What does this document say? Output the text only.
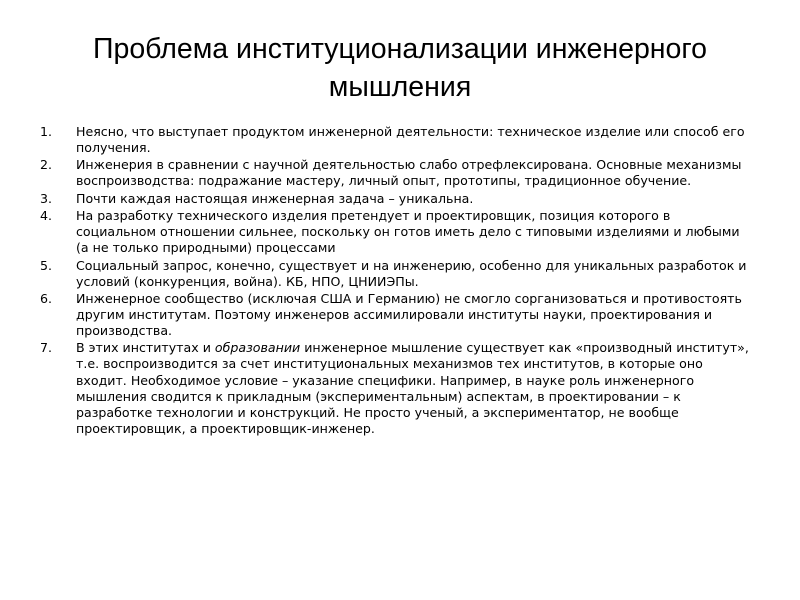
Проблема институционализации инженерного мышления
1.	Неясно, что выступает продуктом инженерной деятельности: техническое изделие или способ его получения.
2.	Инженерия в сравнении с научной деятельностью слабо отрефлексирована. Основные механизмы воспроизводства: подражание мастеру, личный опыт, прототипы, традиционное обучение.
3.	Почти каждая настоящая инженерная задача – уникальна.
4.	На разработку технического изделия претендует и проектировщик, позиция которого в социальном отношении сильнее, поскольку он готов иметь дело с типовыми изделиями и любыми (а не только природными) процессами
5.	Социальный запрос, конечно, существует и на инженерию, особенно для уникальных разработок и условий (конкуренция, война). КБ, НПО, ЦНИИЭПы.
6.	Инженерное сообщество (исключая США и Германию) не смогло сорганизоваться и противостоять другим институтам. Поэтому инженеров ассимилировали институты науки, проектирования и производства.
7.	В этих институтах и образовании инженерное мышление существует как «производный институт», т.е. воспроизводится за счет институциональных механизмов тех институтов, в которые оно входит. Необходимое условие – указание специфики. Например, в науке роль инженерного мышления сводится к прикладным (экспериментальным) аспектам, в проектировании – к разработке технологии и конструкций. Не просто ученый, а экспериментатор, не вообще проектировщик, а проектировщик-инженер.
